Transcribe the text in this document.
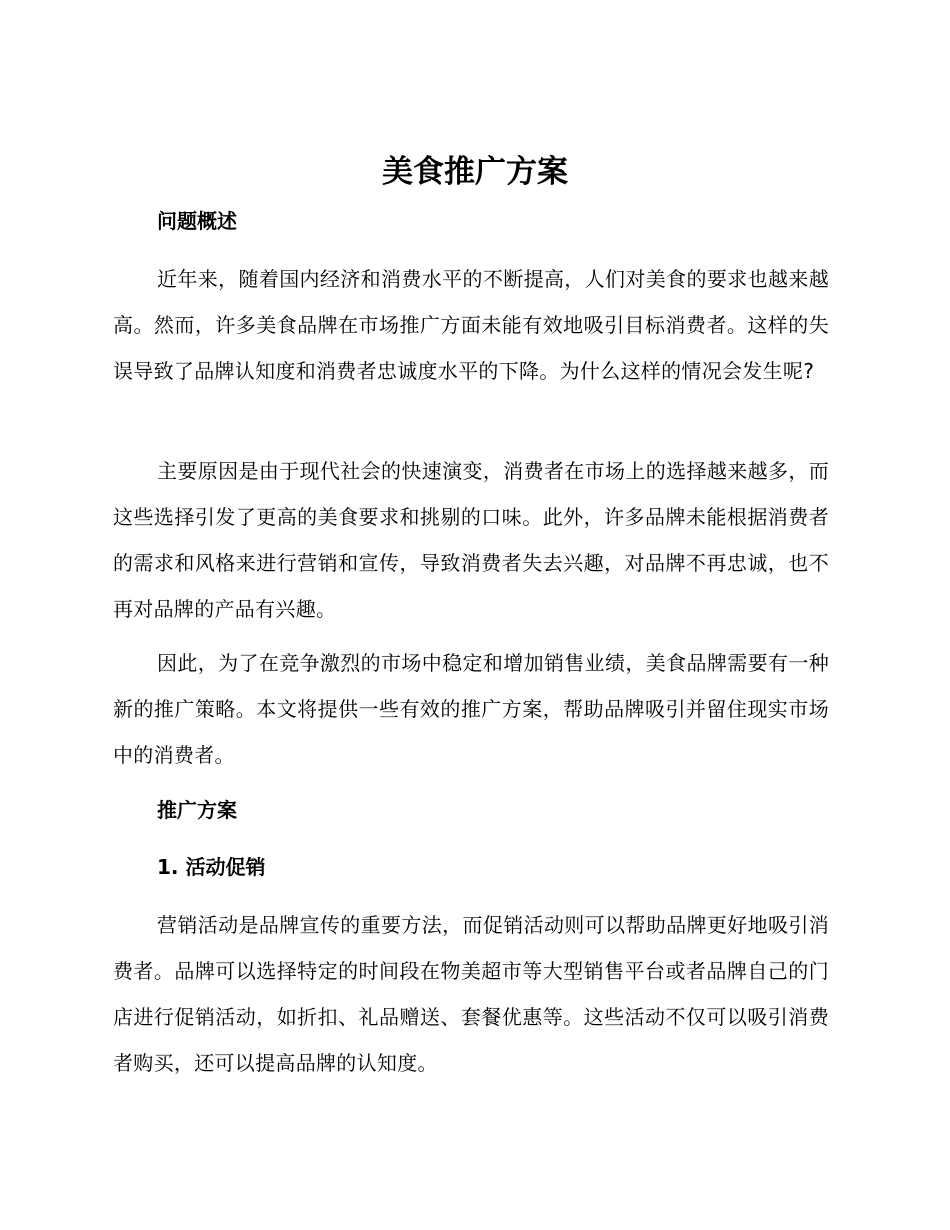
美食推广方案
问题概述

近年来，随着国内经济和消费水平的不断提高，人们对美食的要求也越来越高。然而，许多美食品牌在市场推广方面未能有效地吸引目标消费者。这样的失误导致了品牌认知度和消费者忠诚度水平的下降。为什么这样的情况会发生呢?

主要原因是由于现代社会的快速演变，消费者在市场上的选择越来越多，而这些选择引发了更高的美食要求和挑剔的口味。此外，许多品牌未能根据消费者的需求和风格来进行营销和宣传，导致消费者失去兴趣，对品牌不再忠诚，也不再对品牌的产品有兴趣。

因此，为了在竞争激烈的市场中稳定和增加销售业绩，美食品牌需要有一种新的推广策略。本文将提供一些有效的推广方案，帮助品牌吸引并留住现实市场中的消费者。

推广方案
1. 活动促销

营销活动是品牌宣传的重要方法，而促销活动则可以帮助品牌更好地吸引消费者。品牌可以选择特定的时间段在物美超市等大型销售平台或者品牌自己的门店进行促销活动，如折扣、礼品赠送、套餐优惠等。这些活动不仅可以吸引消费者购买，还可以提高品牌的认知度。
